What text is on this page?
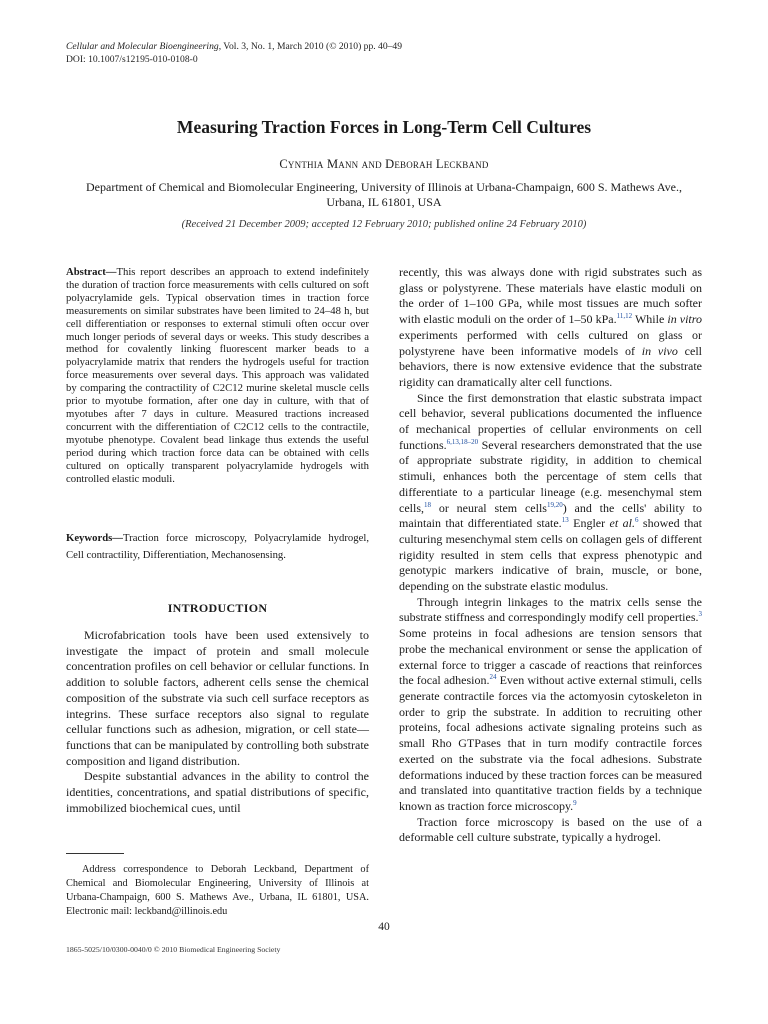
Cellular and Molecular Bioengineering, Vol. 3, No. 1, March 2010 (© 2010) pp. 40–49
DOI: 10.1007/s12195-010-0108-0
Measuring Traction Forces in Long-Term Cell Cultures
Cynthia Mann and Deborah Leckband
Department of Chemical and Biomolecular Engineering, University of Illinois at Urbana-Champaign, 600 S. Mathews Ave.,
Urbana, IL 61801, USA
(Received 21 December 2009; accepted 12 February 2010; published online 24 February 2010)

Abstract—This report describes an approach to extend indefinitely the duration of traction force measurements with cells cultured on soft polyacrylamide gels. Typical observation times in traction force measurements on similar substrates have been limited to 24–48 h, but cell differentiation or responses to external stimuli often occur over much longer periods of several days or weeks. This study describes a method for covalently linking fluorescent marker beads to a polyacrylamide matrix that renders the hydrogels useful for traction force measurements over several days. This approach was validated by comparing the contractility of C2C12 murine skeletal muscle cells prior to myotube formation, after one day in culture, with that of myotubes after 7 days in culture. Measured tractions increased concurrent with the differentiation of C2C12 cells to the contractile, myotube phenotype. Covalent bead linkage thus extends the useful period during which traction force data can be obtained with cells cultured on optically transparent polyacrylamide hydrogels with controlled elastic moduli.

Keywords—Traction force microscopy, Polyacrylamide hydrogel, Cell contractility, Differentiation, Mechanosensing.

INTRODUCTION

Microfabrication tools have been used extensively to investigate the impact of protein and small molecule concentration profiles on cell behavior or cellular functions. In addition to soluble factors, adherent cells sense the chemical composition of the substrate via such cell surface receptors as integrins. These surface receptors also signal to regulate cellular functions such as adhesion, migration, or cell state—functions that can be manipulated by controlling both substrate composition and ligand distribution.

Despite substantial advances in the ability to control the identities, concentrations, and spatial distributions of specific, immobilized biochemical cues, until

recently, this was always done with rigid substrates such as glass or polystyrene. These materials have elastic moduli on the order of 1–100 GPa, while most tissues are much softer with elastic moduli on the order of 1–50 kPa.$^{11,12}$ While in vitro experiments performed with cells cultured on glass or polystyrene have been informative models of in vivo cell behaviors, there is now extensive evidence that the substrate rigidity can dramatically alter cell functions.

Since the first demonstration that elastic substrata impact cell behavior, several publications documented the influence of mechanical properties of cellular environments on cell functions.$^{6,13,18-20}$ Several researchers demonstrated that the use of appropriate substrate rigidity, in addition to chemical stimuli, enhances both the percentage of stem cells that differentiate to a particular lineage (e.g. mesenchymal stem cells,$^{18}$ or neural stem cells$^{19,20}$) and the cells' ability to maintain that differentiated state.$^{13}$ Engler et al.$^6$ showed that culturing mesenchymal stem cells on collagen gels of different rigidity resulted in stem cells that express phenotypic and genotypic markers indicative of brain, muscle, or bone, depending on the substrate elastic modulus.

Through integrin linkages to the matrix cells sense the substrate stiffness and correspondingly modify cell properties.$^3$ Some proteins in focal adhesions are tension sensors that probe the mechanical environment or sense the application of external force to trigger a cascade of reactions that reinforces the focal adhesion.$^{24}$ Even without active external stimuli, cells generate contractile forces via the actomyosin cytoskeleton in order to grip the substrate. In addition to recruiting other proteins, focal adhesions activate signaling proteins such as small Rho GTPases that in turn modify contractile forces exerted on the substrate via the focal adhesions. Substrate deformations induced by these traction forces can be measured and translated into quantitative traction fields by a technique known as traction force microscopy.$^9$

Traction force microscopy is based on the use of a deformable cell culture substrate, typically a hydrogel.

Address correspondence to Deborah Leckband, Department of Chemical and Biomolecular Engineering, University of Illinois at Urbana-Champaign, 600 S. Mathews Ave., Urbana, IL 61801, USA. Electronic mail: leckband@illinois.edu

40
1865-5025/10/0300-0040/0 © 2010 Biomedical Engineering Society
